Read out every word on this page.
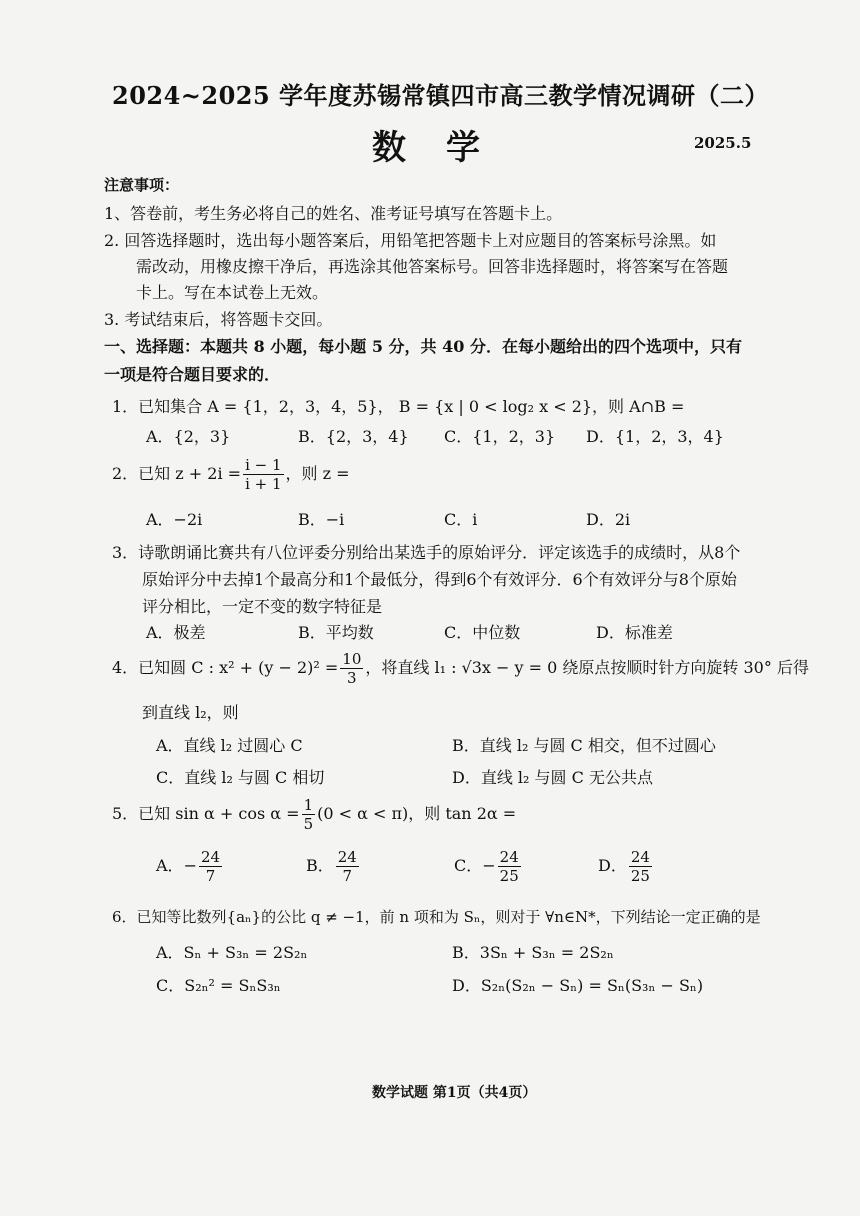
2024~2025 学年度苏锡常镇四市高三教学情况调研（二）
数学	2025.5
注意事项：
1、答卷前，考生务必将自己的姓名、准考证号填写在答题卡上。
2. 回答选择题时，选出每小题答案后，用铅笔把答题卡上对应题目的答案标号涂黑。如
需改动，用橡皮擦干净后，再选涂其他答案标号。回答非选择题时，将答案写在答题
卡上。写在本试卷上无效。
3. 考试结束后，将答题卡交回。
一、选择题：本题共 8 小题，每小题 5 分，共 40 分．在每小题给出的四个选项中，只有
一项是符合题目要求的．
1．已知集合 A = {1，2，3，4，5}， B = {x | 0 < log₂ x < 2}，则 A∩B =
A．{2，3}	B．{2，3，4} C．{1，2，3} D．{1，2，3，4}
2．已知 $z + 2i = \frac{i - 1}{i + 1}$ ，则 z =
A．−2i	B．−i	C．i	D．2i
3．诗歌朗诵比赛共有八位评委分别给出某选手的原始评分．评定该选手的成绩时，从8个
原始评分中去掉1个最高分和1个最低分，得到6个有效评分．6个有效评分与8个原始
评分相比，一定不变的数字特征是
A．极差	B．平均数	C．中位数	D．标准差
4．已知圆 C : $x^2 + (y - 2)^2 = \frac{10}{3}$ ，将直线 l₁ : √3x − y = 0 绕原点按顺时针方向旋转 30° 后得
到直线 l₂，则
A．直线 l₂ 过圆心 C	B．直线 l₂ 与圆 C 相交，但不过圆心
C．直线 l₂ 与圆 C 相切	D．直线 l₂ 与圆 C 无公共点
5．已知 $\sin \alpha + \cos \alpha = \frac{1}{5} (0 < \alpha < \pi)$，则 tan 2α =
A．− $\frac{24}{7}$	B． $\frac{24}{7}$	C．− $\frac{24}{25}$	D． $\frac{24}{25}$
6．已知等比数列{aₙ}的公比 q ≠ −1，前 n 项和为 Sₙ，则对于 ∀n∈N*，下列结论一定正确的是
A．Sₙ + S₃ₙ = 2S₂ₙ	B．3Sₙ + S₃ₙ = 2S₂ₙ
C．S₂ₙ² = SₙS₃ₙ	D．S₂ₙ(S₂ₙ − Sₙ) = Sₙ(S₃ₙ − Sₙ)
数学试题 第1页（共4页）
